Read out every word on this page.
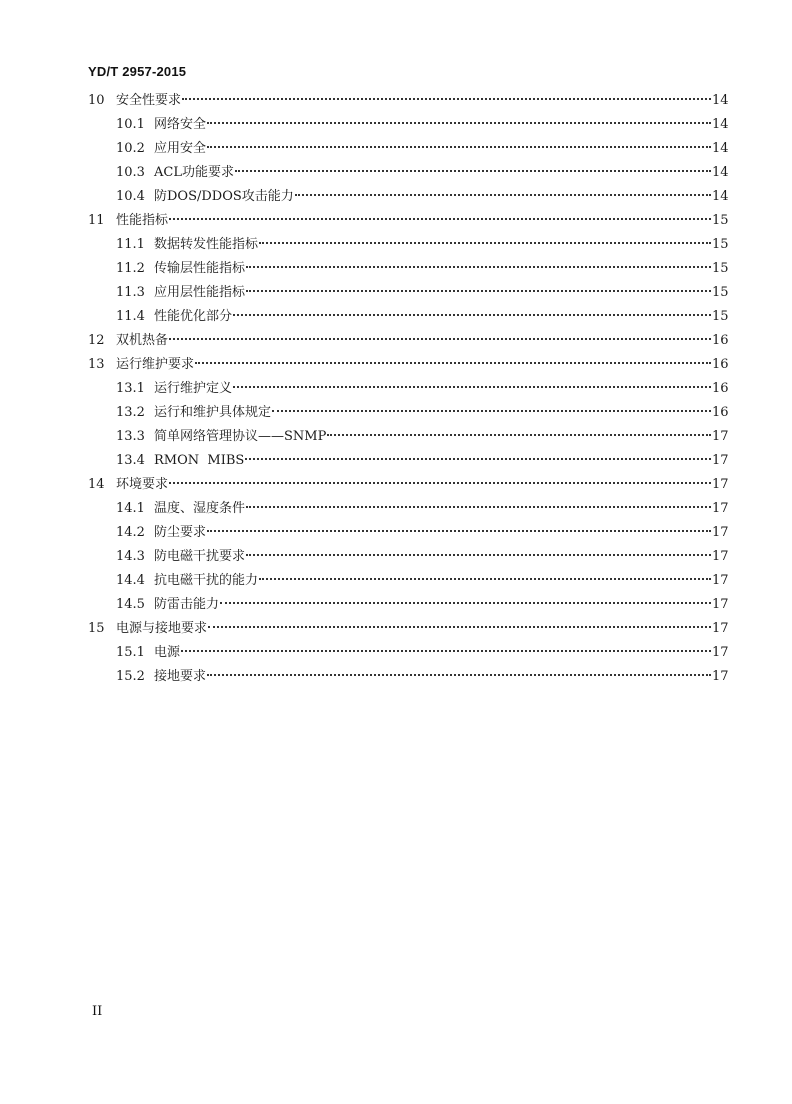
YD/T 2957-2015
10 安全性要求	14
10.1 网络安全	14
10.2 应用安全	14
10.3 ACL功能要求	14
10.4 防DOS/DDOS攻击能力	14
11 性能指标	15
11.1 数据转发性能指标	15
11.2 传输层性能指标	15
11.3 应用层性能指标	15
11.4 性能优化部分	15
12 双机热备	16
13 运行维护要求	16
13.1 运行维护定义	16
13.2 运行和维护具体规定	16
13.3 简单网络管理协议——SNMP	17
13.4 RMON  MIBS	17
14 环境要求	17
14.1 温度、湿度条件	17
14.2 防尘要求	17
14.3 防电磁干扰要求	17
14.4 抗电磁干扰的能力	17
14.5 防雷击能力	17
15 电源与接地要求	17
15.1 电源	17
15.2 接地要求	17
II
